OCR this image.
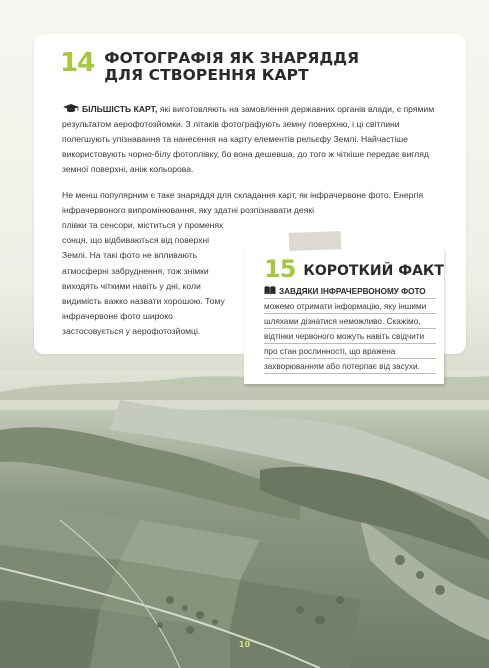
14 ФОТОГРАФІЯ ЯК ЗНАРЯДДЯ
ДЛЯ СТВОРЕННЯ КАРТ
БІЛЬШІСТЬ КАРТ, які виготовляють на замовлення державних органів влади, є прямим результатом аерофотозйомки. З літаків фотографують земну поверхню, і ці світлини полегшують упізнавання та нанесення на карту елементів рельєфу Землі. Найчастіше використовують чорно-білу фотоплівку, бо вона дешевша, до того ж чіткіше передає вигляд земної поверхні, аніж кольорова.
Не менш популярним є таке знаряддя для складання карт, як інфрачервоне фото. Енергія інфрачервоного випромінювання, яку здатні розпізнавати деякі
плівки та сенсори, міститься у променях сонця, що відбиваються від поверхні Землі. На такі фото не впливають атмосферні забруднення, тож знімки виходять чіткими навіть у дні, коли видимість важко назвати хорошою. Тому інфрачервоне фото широко застосовується у аерофотозйомці.
15 КОРОТКИЙ ФАКТ
ЗАВДЯКИ ІНФРАЧЕРВОНОМУ ФОТО можемо отримати інформацію, яку іншими шляхами дізнатися неможливо. Скажімо, відтінки червоного можуть навіть свідчити про стан рослинності, що вражена захворюванням або потерпає від засухи.
10
